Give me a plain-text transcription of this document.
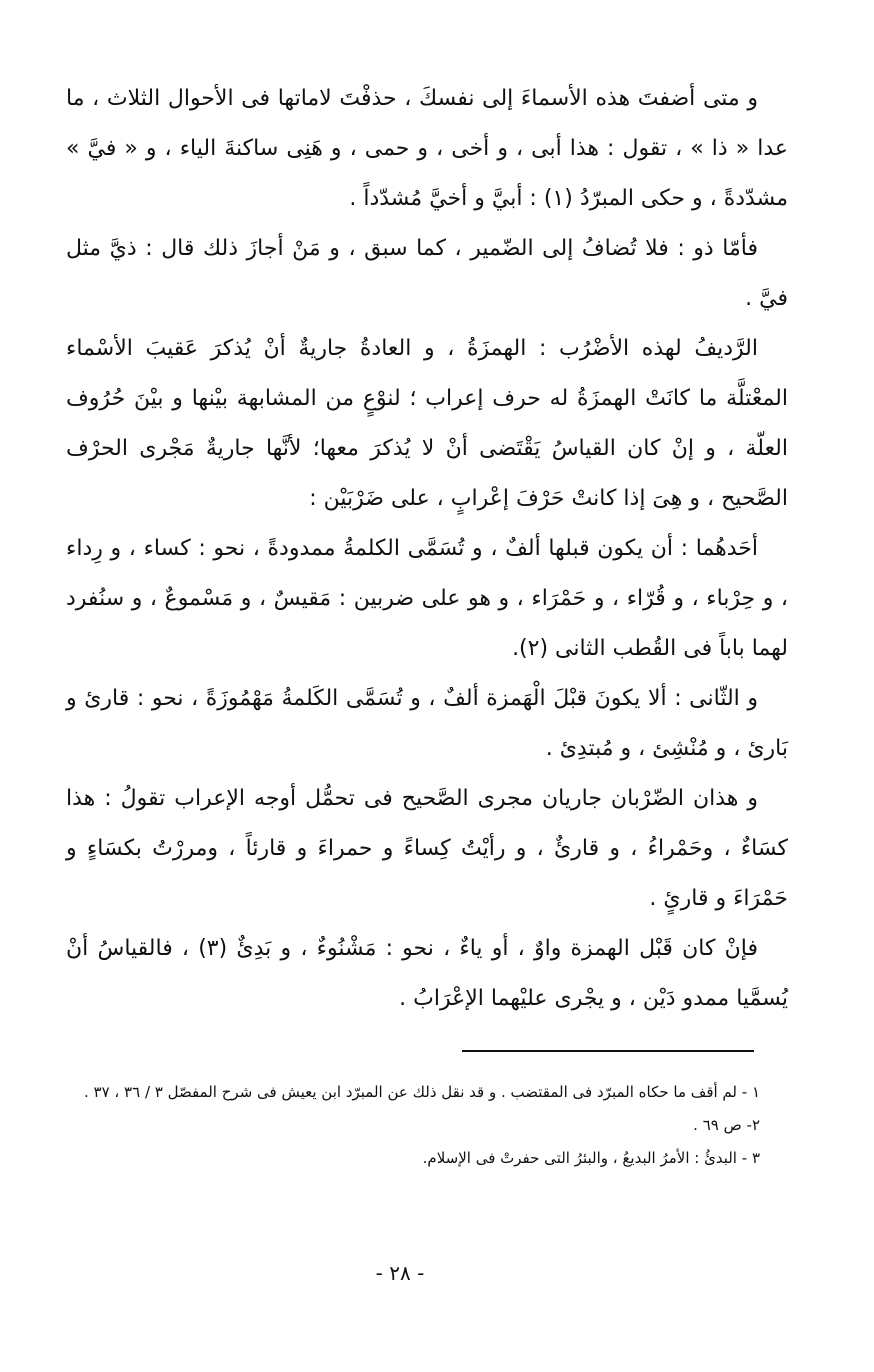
و متى أضفتَ هذه الأسماءَ إلى نفسكَ ، حذفْتَ لاماتها فى الأحوال الثلاث ، ما عدا « ذا » ، تقول : هذا أبى ، و أخى ، و حمى ، و هَنِى ساكنةَ الياء ، و « فيَّ » مشدّدةً ، و حكى المبرّدُ (١) : أبيَّ و أخيَّ مُشدّداً .

فأمّا ذو : فلا تُضافُ إلى الضّمير ، كما سبق ، و مَنْ أجازَ ذلك قال : ذيَّ مثل فيَّ .

الرَّديفُ لهذه الأضْرُب : الهمزَةُ ، و العادةُ جاريةٌ أنْ يُذكرَ عَقيبَ الأسْماء المعْتلَّة ما كانَتْ الهمزَةُ له حرف إعراب ؛ لنوْعٍ من المشابهة بيْنها و بيْنَ حُرُوف العلّة ، و إنْ كان القياسُ يَقْتَضى أنْ لا يُذكرَ معها؛ لأنَّها جاريةٌ مَجْرى الحرْف الصَّحيح ، و هِىَ إذا كانتْ حَرْفَ إعْرابٍ ، على ضَرْبَيْن :

أحَدهُما : أن يكون قبلها ألفٌ ، و تُسَمَّى الكلمةُ ممدودةً ، نحو : كساء ، و رِداء ، و حِرْباء ، و قُرّاء ، و حَمْرَاء ، و هو على ضربين : مَقيسٌ ، و مَسْموعٌ ، و سنُفرد لهما باباً فى القُطب الثانى (٢).

و الثّانى : ألا يكونَ قبْلَ الْهَمزة ألفٌ ، و تُسَمَّى الكَلمةُ مَهْمُوزَةً ، نحو : قارئ و بَارئ ، و مُنْشِئ ، و مُبتدِئ .

و هذان الضّرْبان جاريان مجرى الصَّحيح فى تحمُّل أوجه الإعراب تقولُ : هذا كسَاءٌ ، وحَمْراءُ ، و قارئٌ ، و رأيْتُ كِساءً و حمراءَ و قارئاً ، ومررْتُ بكسَاءٍ و حَمْرَاءَ و قارئٍ .

فإنْ كان قَبْل الهمزة واوٌ ، أو ياءٌ ، نحو : مَشْنُوءٌ ، و بَدِئٌ (٣) ، فالقياسُ أنْ يُسمَّيا ممدو دَيْن ، و يجْرى عليْهما الإعْرَابُ .

١ - لم أقف ما حكاه المبرّد فى المقتضب . و قد نقل ذلك عن المبرّد ابن يعيش فى شرح المفصّل ٣ / ٣٦ ، ٣٧ .

٢- ص ٦٩ .

٣ - البدئُ : الأمرُ البديعُ ، والبئرُ التى حفرتْ فى الإسلام.

- ٢٨ -
